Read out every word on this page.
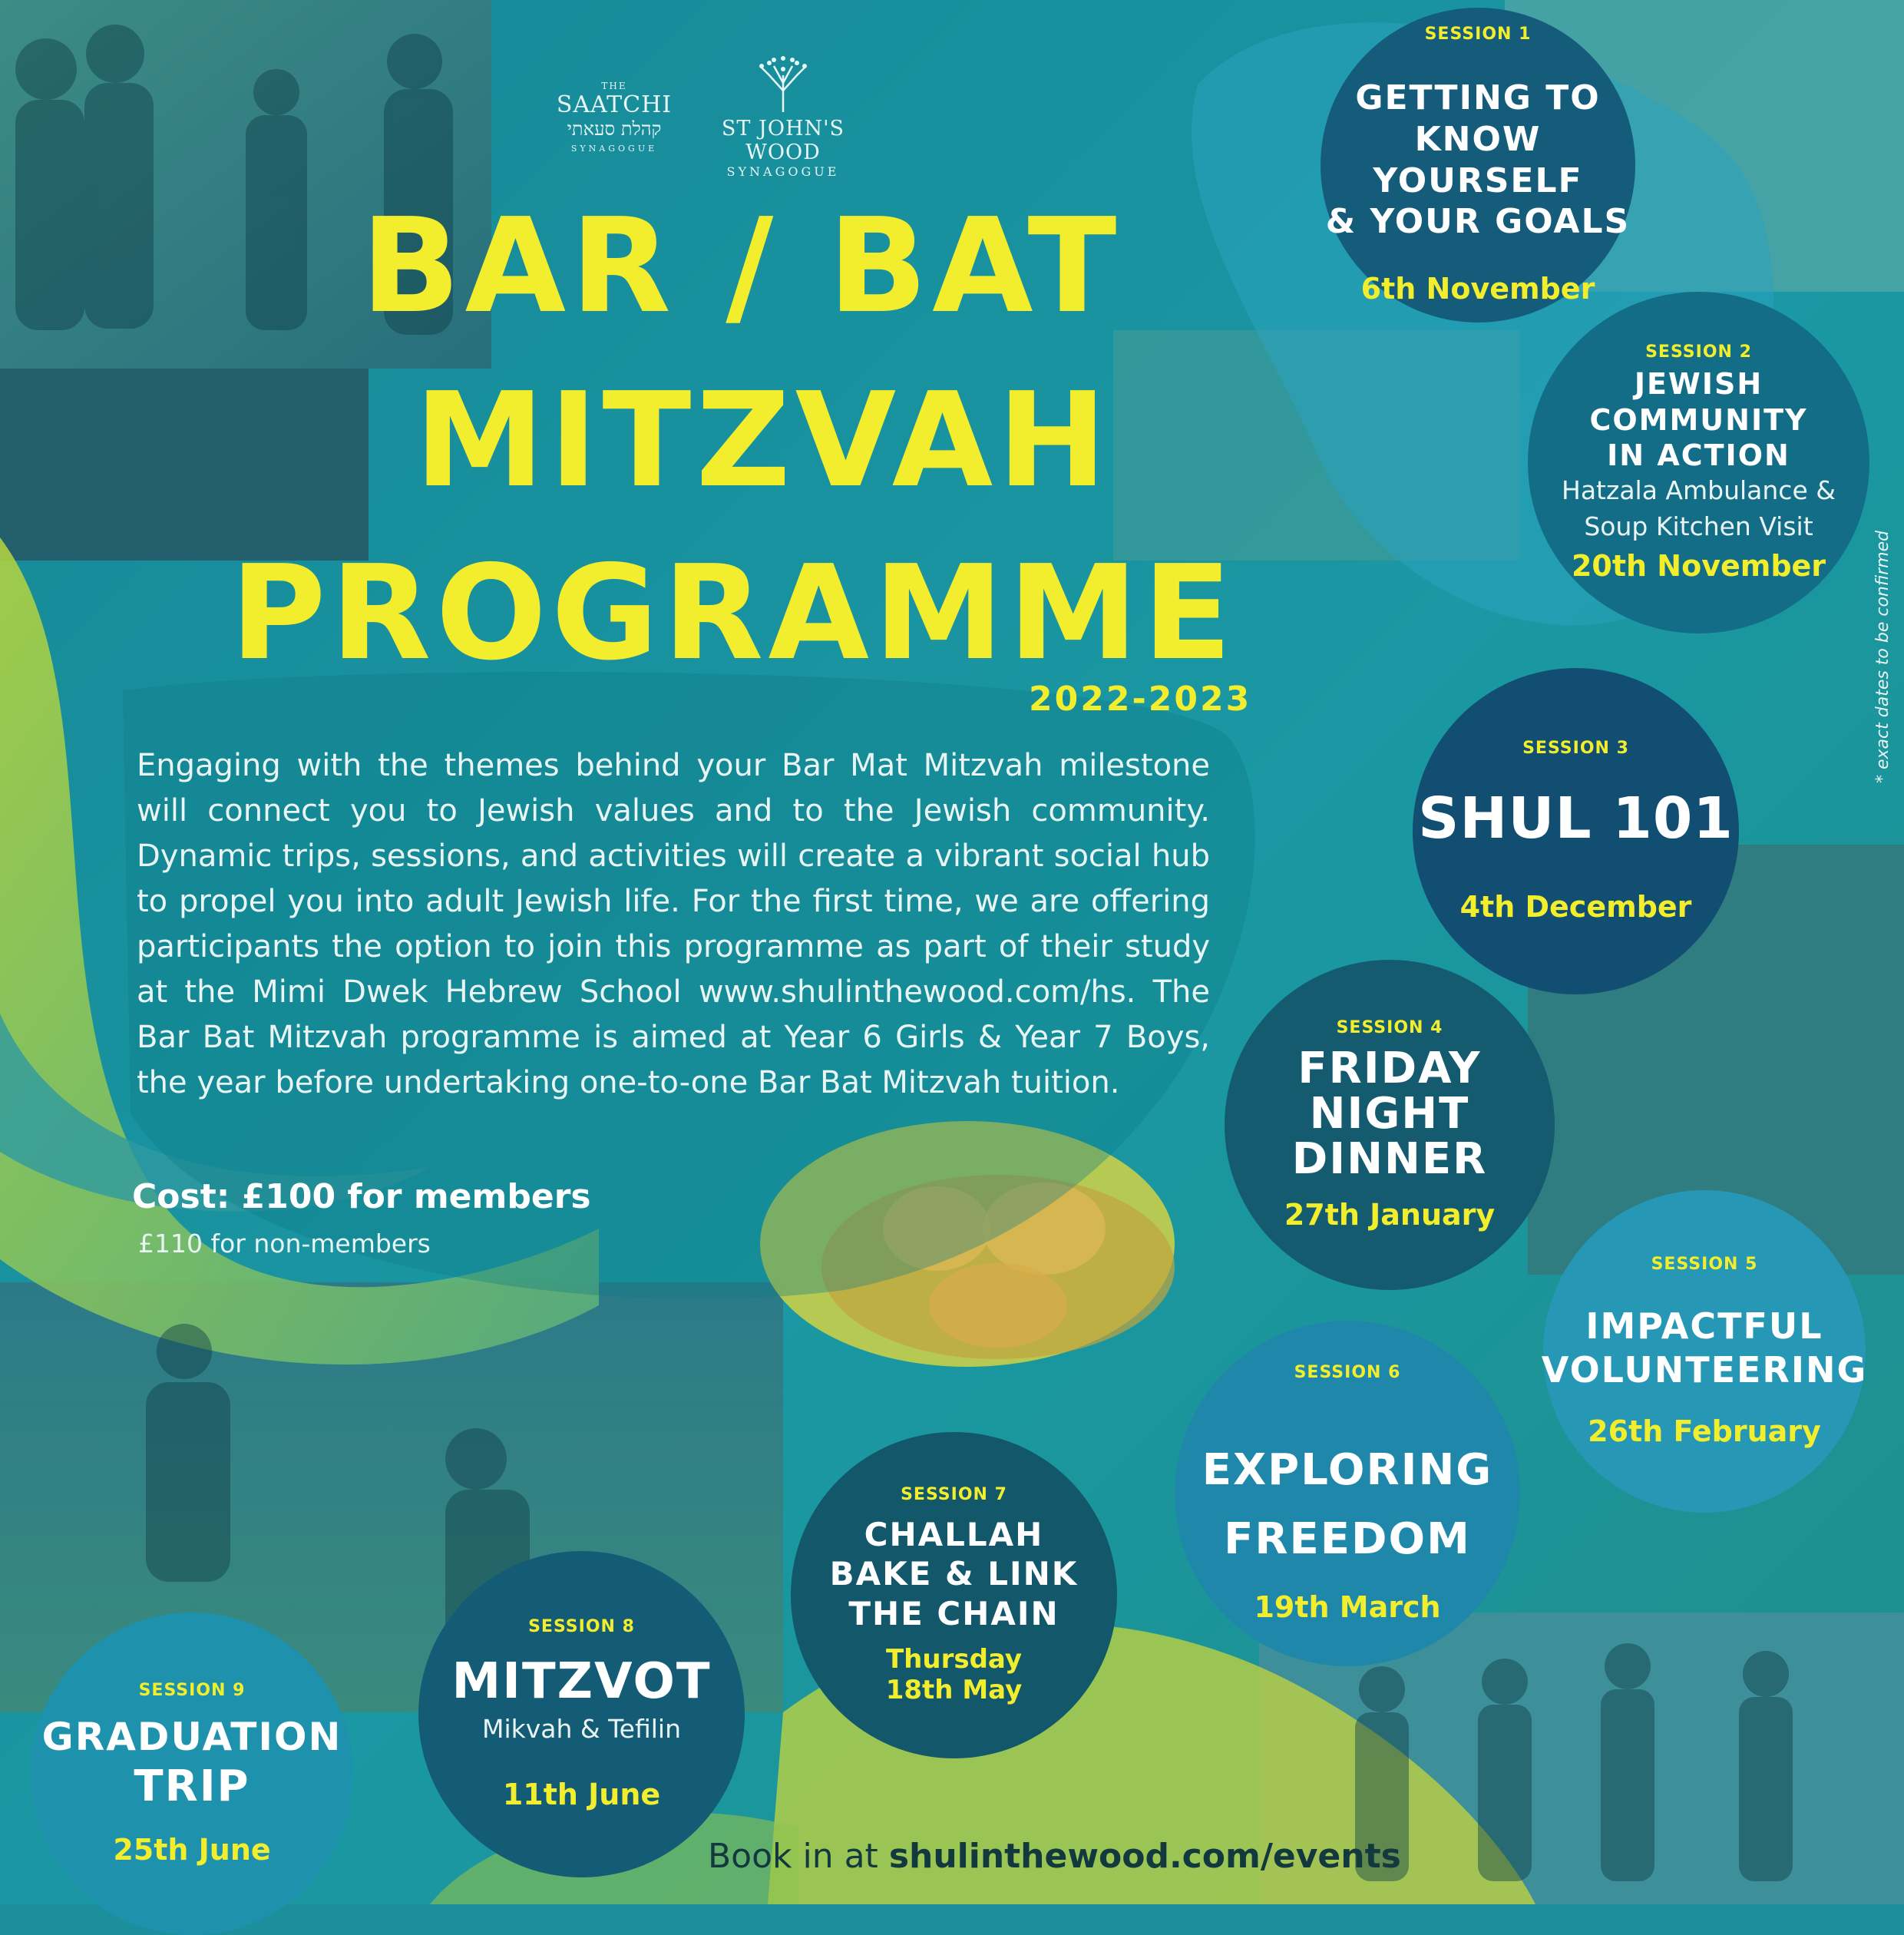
THE
SAATCHI
קהלת סעאתי
SYNAGOGUE
ST JOHN'S WOOD
SYNAGOGUE
BAR / BAT
MITZVAH
PROGRAMME
2022-2023
Engaging with the themes behind your Bar Mat Mitzvah milestone will connect you to Jewish values and to the Jewish community. Dynamic trips, sessions, and activities will create a vibrant social hub to propel you into adult Jewish life. For the first time, we are offering participants the option to join this programme as part of their study at the Mimi Dwek Hebrew School www.shulinthewood.com/hs. The Bar Bat Mitzvah programme is aimed at Year 6 Girls & Year 7 Boys, the year before undertaking one-to-one Bar Bat Mitzvah tuition.
Cost: £100 for members
£110 for non-members
SESSION 1
GETTING TO
KNOW YOURSELF
& YOUR GOALS
6th November
SESSION 2
JEWISH
COMMUNITY
IN ACTION
Hatzala Ambulance &
Soup Kitchen Visit
20th November
SESSION 3
SHUL 101
4th December
SESSION 4
FRIDAY
NIGHT
DINNER
27th January
SESSION 5
IMPACTFUL
VOLUNTEERING
26th February
SESSION 6
EXPLORING
FREEDOM
19th March
SESSION 7
CHALLAH
BAKE & LINK
THE CHAIN
Thursday
18th May
SESSION 8
MITZVOT
Mikvah & Tefilin
11th June
SESSION 9
GRADUATION
TRIP
25th June
* exact dates to be confirmed
Book in at shulinthewood.com/events
